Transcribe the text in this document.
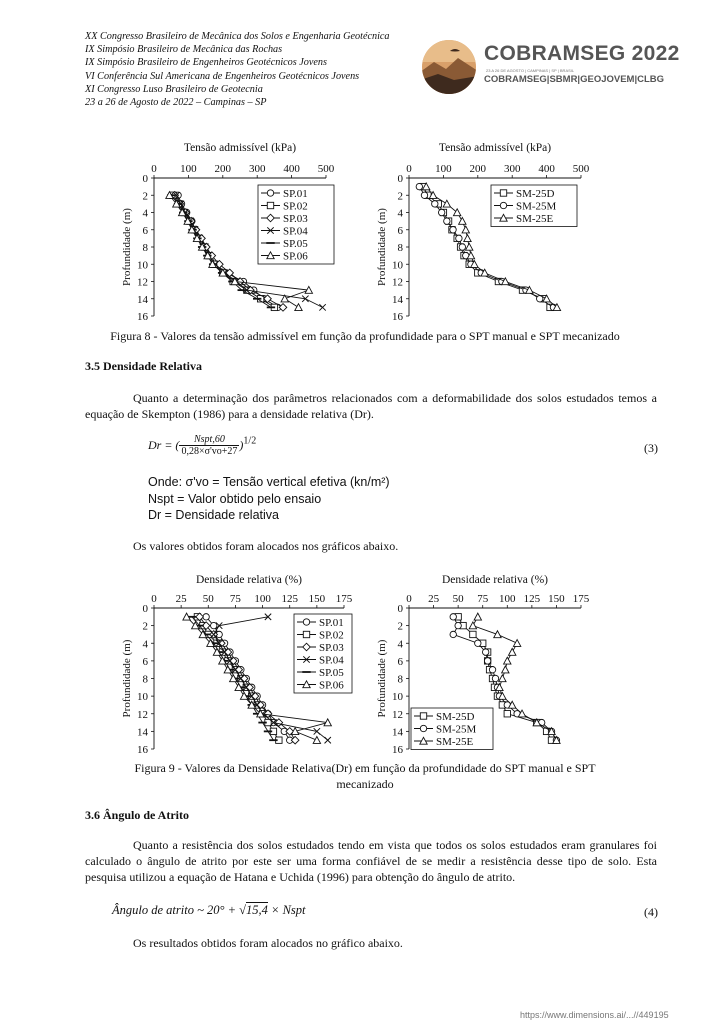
XX Congresso Brasileiro de Mecânica dos Solos e Engenharia Geotécnica
IX Simpósio Brasileiro de Mecânica das Rochas
IX Simpósio Brasileiro de Engenheiros Geotécnicos Jovens
VI Conferência Sul Americana de Engenheiros Geotécnicos Jovens
XI Congresso Luso Brasileiro de Geotecnia
23 a 26 de Agosto de 2022 – Campinas – SP
COBRAMSEG 2022
23 A 26 DE AGOSTO | CAMPINAS | SP | BRASIL
COBRAMSEG|SBMR|GEOJOVEM|CLBG
Tensão admissível (kPa)
0 100 200 300 400 500
0
2
4
6
8
10
12
14
16
Profundidade (m)
SP.01
SP.02
SP.03
SP.04
SP.05
SP.06
Tensão admissível (kPa)
0 100 200 300 400 500
0
2
4
6
8
10
12
14
16
Profundidade (m)
SM-25D
SM-25M
SM-25E
Figura 8 - Valores da tensão admissível em função da profundidade para o SPT manual e SPT mecanizado
3.5 Densidade Relativa
Quanto a determinação dos parâmetros relacionados com a deformabilidade dos solos estudados temos a equação de Skempton (1986) para a densidade relativa (Dr).
Dr = (	Nspt,60
0,28×σ'vo+27 )$^{1/2}$
(3)
Onde: σ'vo = Tensão vertical efetiva (kn/m²)
Nspt = Valor obtido pelo ensaio
Dr = Densidade relativa
Os valores obtidos foram alocados nos gráficos abaixo.
Densidade relativa (%)
0 25 50 75 100 125 150 175
0
2
4
6
8
10
12
14
16
Profundidade (m)
SP.01
SP.02
SP.03
SP.04
SP.05
SP.06
Densidade relativa (%)
0 25 50 75 100 125 150 175
0
2
4
6
8
10
12
14
16
Profundidade (m)	SM-25D
SM-25M
SM-25E
Figura 9 - Valores da Densidade Relativa(Dr) em função da profundidade do SPT manual e SPT
mecanizado
3.6 Ângulo de Atrito
Quanto a resistência dos solos estudados tendo em vista que todos os solos estudados eram granulares foi calculado o ângulo de atrito por este ser uma forma confiável de se medir a resistência desse tipo de solo. Esta pesquisa utilizou a equação de Hatana e Uchida (1996) para obtenção do ângulo de atrito.
Ângulo de atrito ~ 20° + √15,4 × Nspt	(4)
Os resultados obtidos foram alocados no gráfico abaixo.
https://www.dimensions.ai/...//449195
